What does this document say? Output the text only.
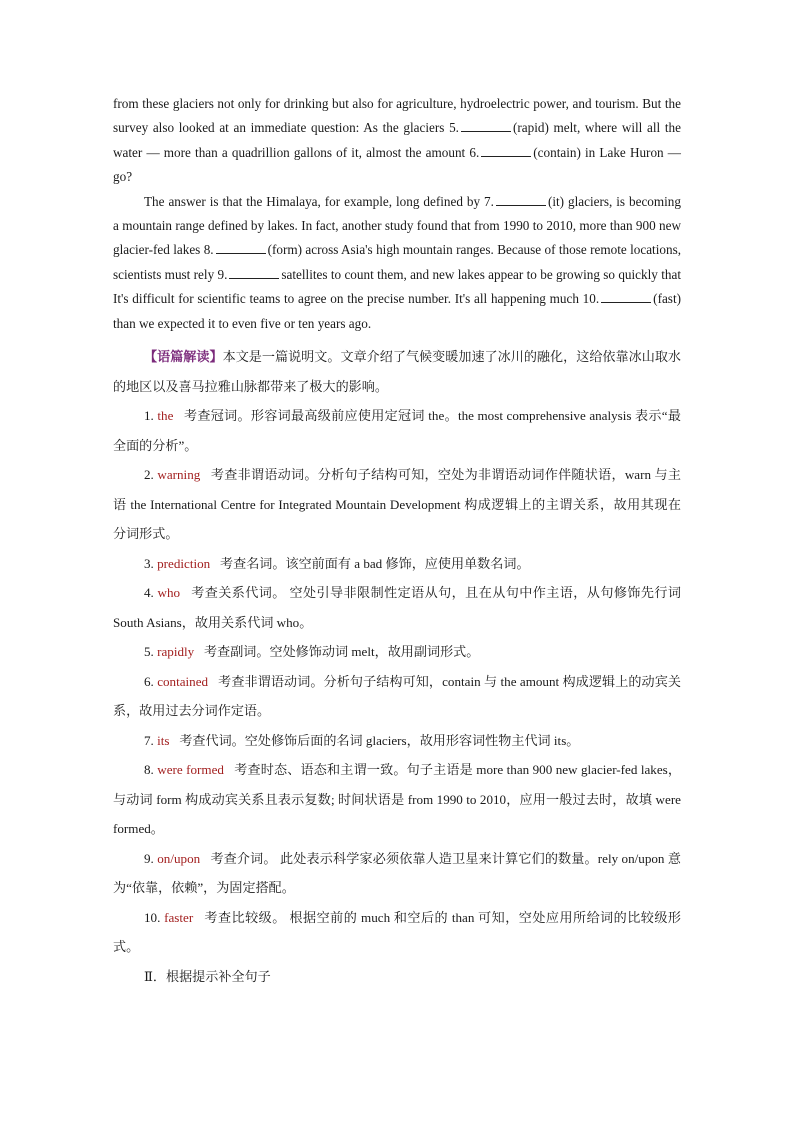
from these glaciers not only for drinking but also for agriculture, hydroelectric power, and tourism. But the survey also looked at an immediate question: As the glaciers 5.	(rapid) melt, where will all the water — more than a quadrillion gallons of it, almost the amount 6.	(contain) in Lake Huron — go?

The answer is that the Himalaya, for example, long defined by 7.	(it) glaciers, is becoming a mountain range defined by lakes. In fact, another study found that from 1990 to 2010, more than 900 new glacier-fed lakes 8.	(form) across Asia's high mountain ranges. Because of those remote locations, scientists must rely 9.	satellites to count them, and new lakes appear to be growing so quickly that It's difficult for scientific teams to agree on the precise number. It's all happening much 10.	(fast) than we expected it to even five or ten years ago.

【语篇解读】本文是一篇说明文。文章介绍了气候变暖加速了冰川的融化，这给依靠冰山取水的地区以及喜马拉雅山脉都带来了极大的影响。

1. the 考查冠词。形容词最高级前应使用定冠词 the。the most comprehensive analysis 表示“最全面的分析”。

2. warning 考查非谓语动词。分析句子结构可知，空处为非谓语动词作伴随状语，warn 与主语 the International Centre for Integrated Mountain Development 构成逻辑上的主谓关系，故用其现在分词形式。

3. prediction 考查名词。该空前面有 a bad 修饰，应使用单数名词。

4. who 考查关系代词。 空处引导非限制性定语从句，且在从句中作主语，从句修饰先行词 South Asians，故用关系代词 who。

5. rapidly 考查副词。空处修饰动词 melt，故用副词形式。

6. contained 考查非谓语动词。分析句子结构可知，contain 与 the amount 构成逻辑上的动宾关系，故用过去分词作定语。

7. its 考查代词。空处修饰后面的名词 glaciers，故用形容词性物主代词 its。

8. were formed 考查时态、语态和主谓一致。句子主语是 more than 900 new glacier-fed lakes，与动词 form 构成动宾关系且表示复数; 时间状语是 from 1990 to 2010，应用一般过去时，故填 were formed。

9. on/upon 考查介词。 此处表示科学家必须依靠人造卫星来计算它们的数量。rely on/upon 意为“依靠，依赖”，为固定搭配。

10. faster 考查比较级。 根据空前的 much 和空后的 than 可知，空处应用所给词的比较级形式。

Ⅱ．根据提示补全句子
